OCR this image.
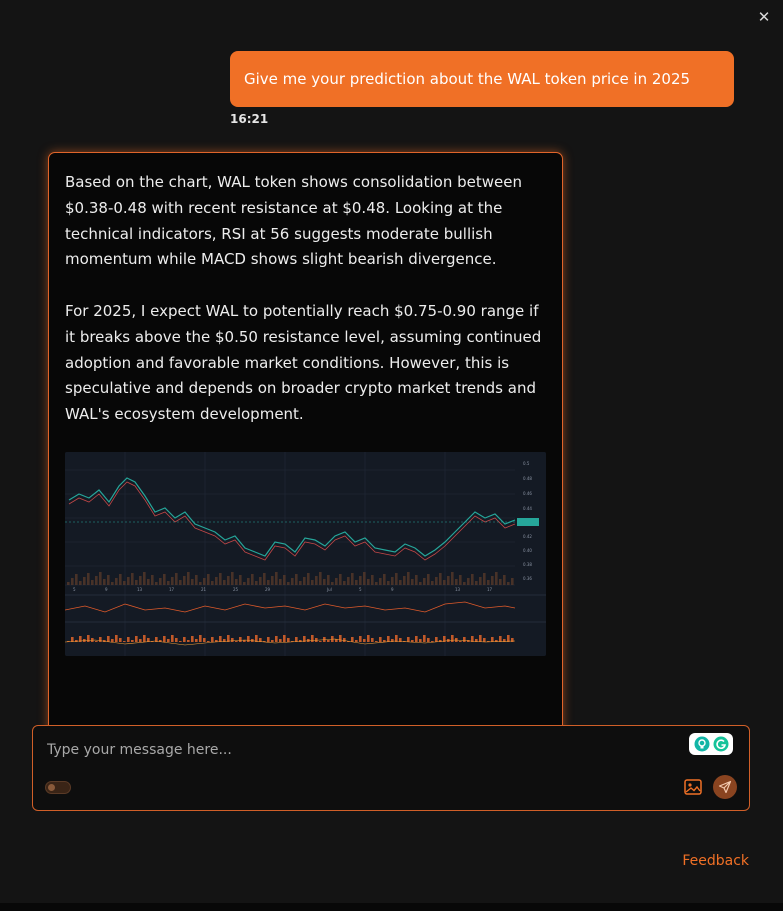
✕
Give me your prediction about the WAL token price in 2025
16:21

Based on the chart, WAL token shows consolidation between $0.38-0.48 with recent resistance at $0.48. Looking at the technical indicators, RSI at 56 suggests moderate bullish momentum while MACD shows slight bearish divergence.

For 2025, I expect WAL to potentially reach $0.75-0.90 range if it breaks above the $0.50 resistance level, assuming continued adoption and favorable market conditions. However, this is speculative and depends on broader crypto market trends and WAL's ecosystem development.

0.5
0.48
0.46
0.44
0.42
0.40
0.38
0.36
5	9	13	17	21	25	29	Jul	5	9	13	17
Type your message here...
Feedback
